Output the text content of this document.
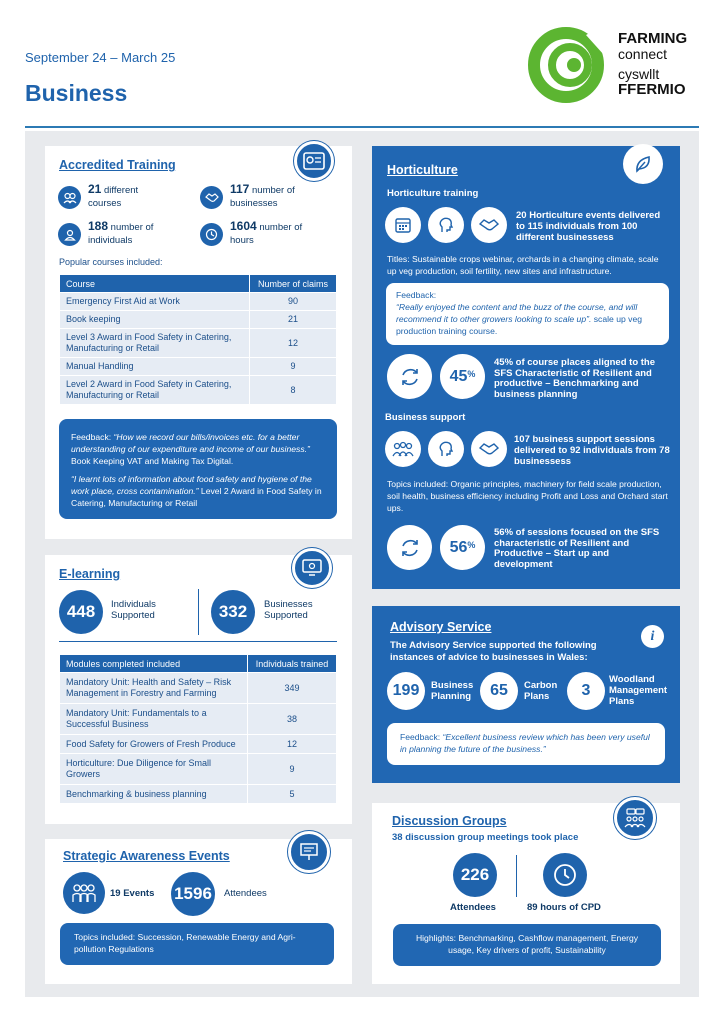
September 24 – March 25
Business
FARMING
connect
cyswllt
FFERMIO
Accredited Training
21 different
courses
117 number of
businesses
188 number of
individuals
1604 number of
hours
Popular courses included:
Course	Number of claims
Emergency First Aid at Work	90
Book keeping	21
Level 3 Award in Food Safety in Catering, Manufacturing or Retail	12
Manual Handling	9
Level 2 Award in Food Safety in Catering, Manufacturing or Retail	8
Feedback: “How we record our bills/invoices etc. for a better understanding of our expenditure and income of our business.” Book Keeping VAT and Making Tax Digital.
“I learnt lots of information about food safety and hygiene of the work place, cross contamination.” Level 2 Award in Food Safety in Catering, Manufacturing or Retail
E-learning
448	Individuals
Supported	332	Businesses
Supported
Modules completed included	Individuals trained
Mandatory Unit: Health and Safety – Risk Management in Forestry and Farming	349
Mandatory Unit: Fundamentals to a Successful Business	38
Food Safety for Growers of Fresh Produce	12
Horticulture: Due Diligence for Small Growers	9
Benchmarking & business planning	5
Strategic Awareness Events
19 Events 1596	Attendees
Topics included: Succession, Renewable Energy and Agri-pollution Regulations
Horticulture
Horticulture training
20 Horticulture events delivered to 115 individuals from 100 different businessess
Titles: Sustainable crops webinar, orchards in a changing climate, scale up veg production, soil fertility, new sites and infrastructure.
Feedback:
“Really enjoyed the content and the buzz of the course, and will recommend it to other growers looking to scale up”. scale up veg production training course.
45 %
45% of course places aligned to the SFS Characteristic of Resilient and productive – Benchmarking and business planning
Business support
107 business support sessions delivered to 92 individuals from 78 businessess
Topics included: Organic principles, machinery for field scale production, soil health, business efficiency including Profit and Loss and Orchard start ups.
56 %
56% of sessions focused on the SFS characteristic of Resilient and Productive – Start up and development
Advisory Service
i
The Advisory Service supported the following instances of advice to businesses in Wales:
199	Business
Planning	65	Carbon
Plans	3
Woodland
Management
Plans
Feedback: “Excellent business review which has been very useful in planning the future of the business.”
Discussion Groups
38 discussion group meetings took place
226
Attendees	89 hours of CPD
Highlights: Benchmarking, Cashflow management, Energy usage, Key drivers of profit, Sustainability
